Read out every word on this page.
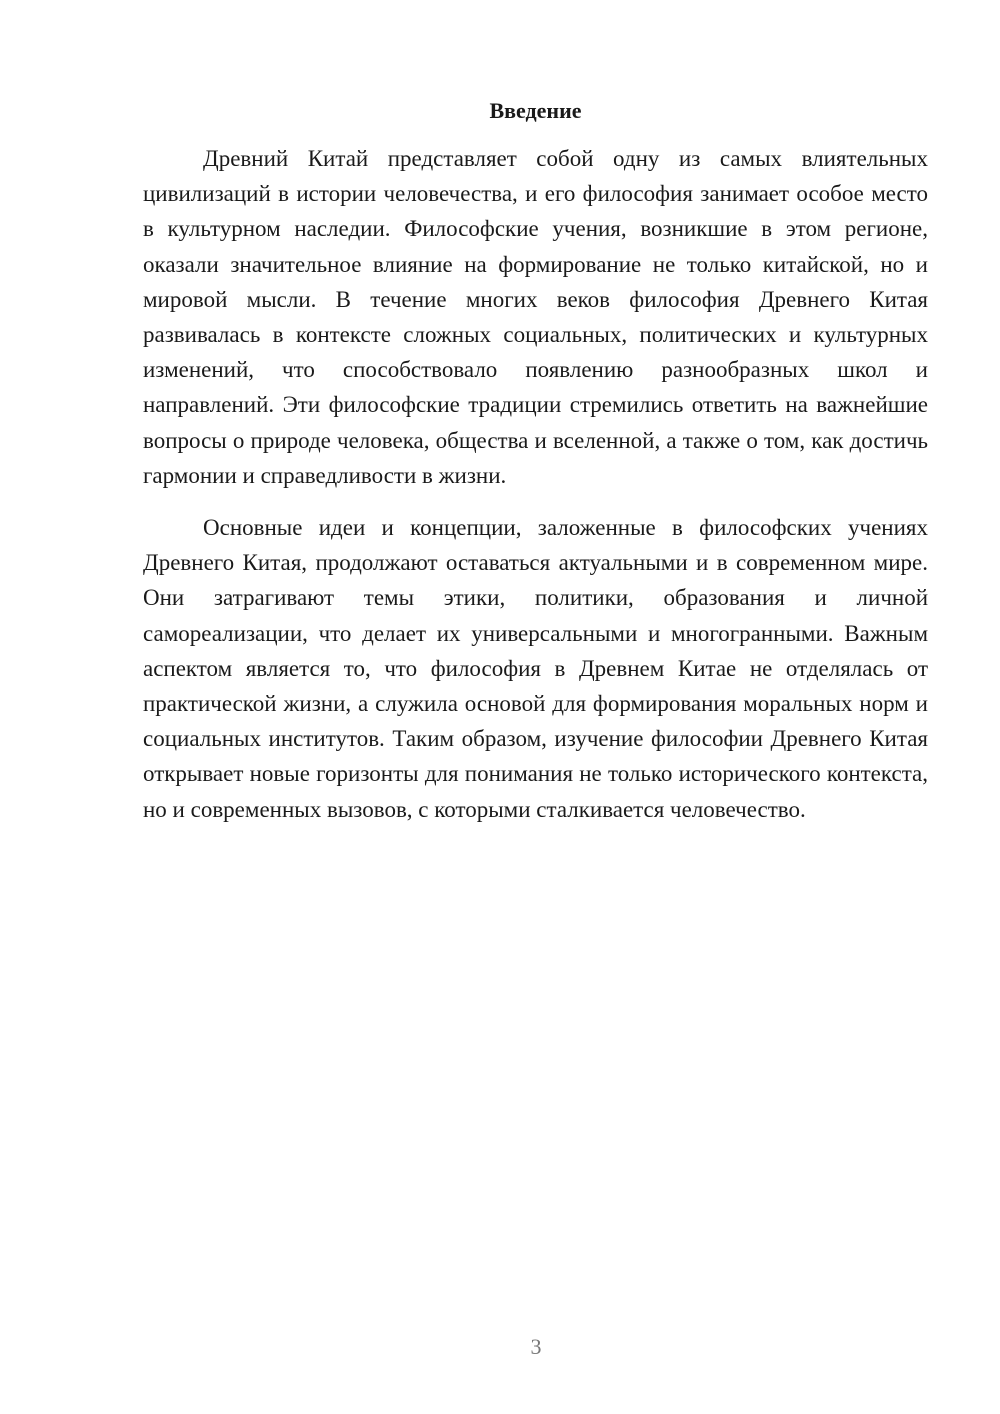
Введение

Древний Китай представляет собой одну из самых влиятельных цивилизаций в истории человечества, и его философия занимает особое место в культурном наследии. Философские учения, возникшие в этом регионе, оказали значительное влияние на формирование не только китайской, но и мировой мысли. В течение многих веков философия Древнего Китая развивалась в контексте сложных социальных, политических и культурных изменений, что способствовало появлению разнообразных школ и направлений. Эти философские традиции стремились ответить на важнейшие вопросы о природе человека, общества и вселенной, а также о том, как достичь гармонии и справедливости в жизни.

Основные идеи и концепции, заложенные в философских учениях Древнего Китая, продолжают оставаться актуальными и в современном мире. Они затрагивают темы этики, политики, образования и личной самореализации, что делает их универсальными и многогранными. Важным аспектом является то, что философия в Древнем Китае не отделялась от практической жизни, а служила основой для формирования моральных норм и социальных институтов. Таким образом, изучение философии Древнего Китая открывает новые горизонты для понимания не только исторического контекста, но и современных вызовов, с которыми сталкивается человечество.

3
